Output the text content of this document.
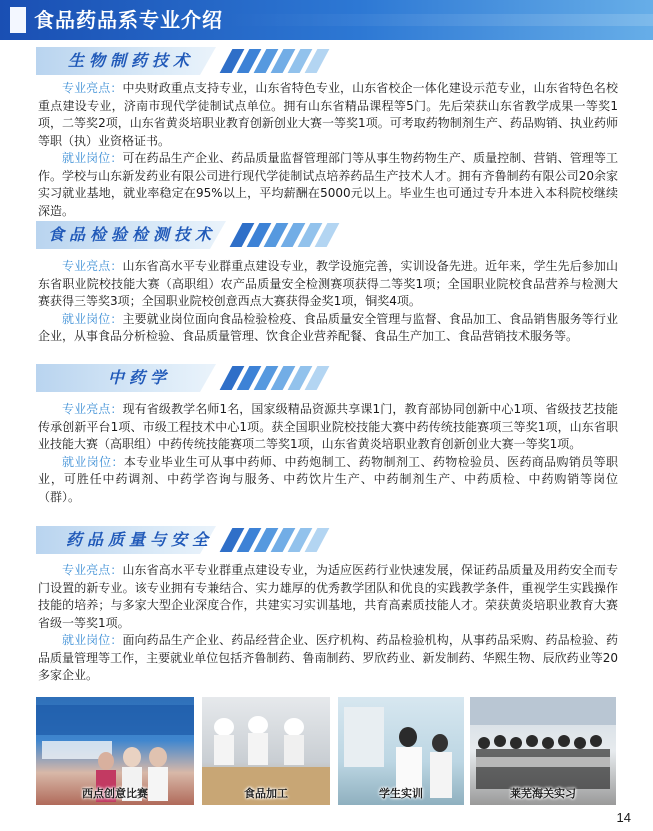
食品药品系专业介绍
生物制药技术
专业亮点：中央财政重点支持专业，山东省特色专业，山东省校企一体化建设示范专业，山东省特色名校重点建设专业，济南市现代学徒制试点单位。拥有山东省精品课程等5门。先后荣获山东省教学成果一等奖1项，二等奖2项，山东省黄炎培职业教育创新创业大赛一等奖1项。可考取药物制剂生产、药品购销、执业药师等职（执）业资格证书。
就业岗位：可在药品生产企业、药品质量监督管理部门等从事生物药物生产、质量控制、营销、管理等工作。学校与山东新发药业有限公司进行现代学徒制试点培养药品生产技术人才。拥有齐鲁制药有限公司20余家实习就业基地，就业率稳定在95%以上，平均薪酬在5000元以上。毕业生也可通过专升本进入本科院校继续深造。
食品检验检测技术
专业亮点：山东省高水平专业群重点建设专业，教学设施完善，实训设备先进。近年来，学生先后参加山东省职业院校技能大赛（高职组）农产品质量安全检测赛项获得二等奖1项；全国职业院校食品营养与检测大赛获得三等奖3项；全国职业院校创意西点大赛获得金奖1项，铜奖4项。
就业岗位：主要就业岗位面向食品检验检疫、食品质量安全管理与监督、食品加工、食品销售服务等行业企业，从事食品分析检验、食品质量管理、饮食企业营养配餐、食品生产加工、食品营销技术服务等。
中药学
专业亮点：现有省级教学名师1名，国家级精品资源共享课1门，教育部协同创新中心1项、省级技艺技能传承创新平台1项、市级工程技术中心1项。获全国职业院校技能大赛中药传统技能赛项三等奖1项，山东省职业技能大赛（高职组）中药传统技能赛项二等奖1项，山东省黄炎培职业教育创新创业大赛一等奖1项。
就业岗位：本专业毕业生可从事中药师、中药炮制工、药物制剂工、药物检验员、医药商品购销员等职业，可胜任中药调剂、中药学咨询与服务、中药饮片生产、中药制剂生产、中药质检、中药购销等岗位（群）。
药品质量与安全
专业亮点：山东省高水平专业群重点建设专业，为适应医药行业快速发展，保证药品质量及用药安全而专门设置的新专业。该专业拥有专兼结合、实力雄厚的优秀教学团队和优良的实践教学条件，重视学生实践操作技能的培养；与多家大型企业深度合作，共建实习实训基地，共育高素质技能人才。荣获黄炎培职业教育大赛省级一等奖1项。
就业岗位：面向药品生产企业、药品经营企业、医疗机构、药品检验机构，从事药品采购、药品检验、药品质量管理等工作，主要就业单位包括齐鲁制药、鲁南制药、罗欣药业、新发制药、华熙生物、辰欣药业等20多家企业。
西点创意比赛	食品加工	学生实训	莱芜海关实习
14
